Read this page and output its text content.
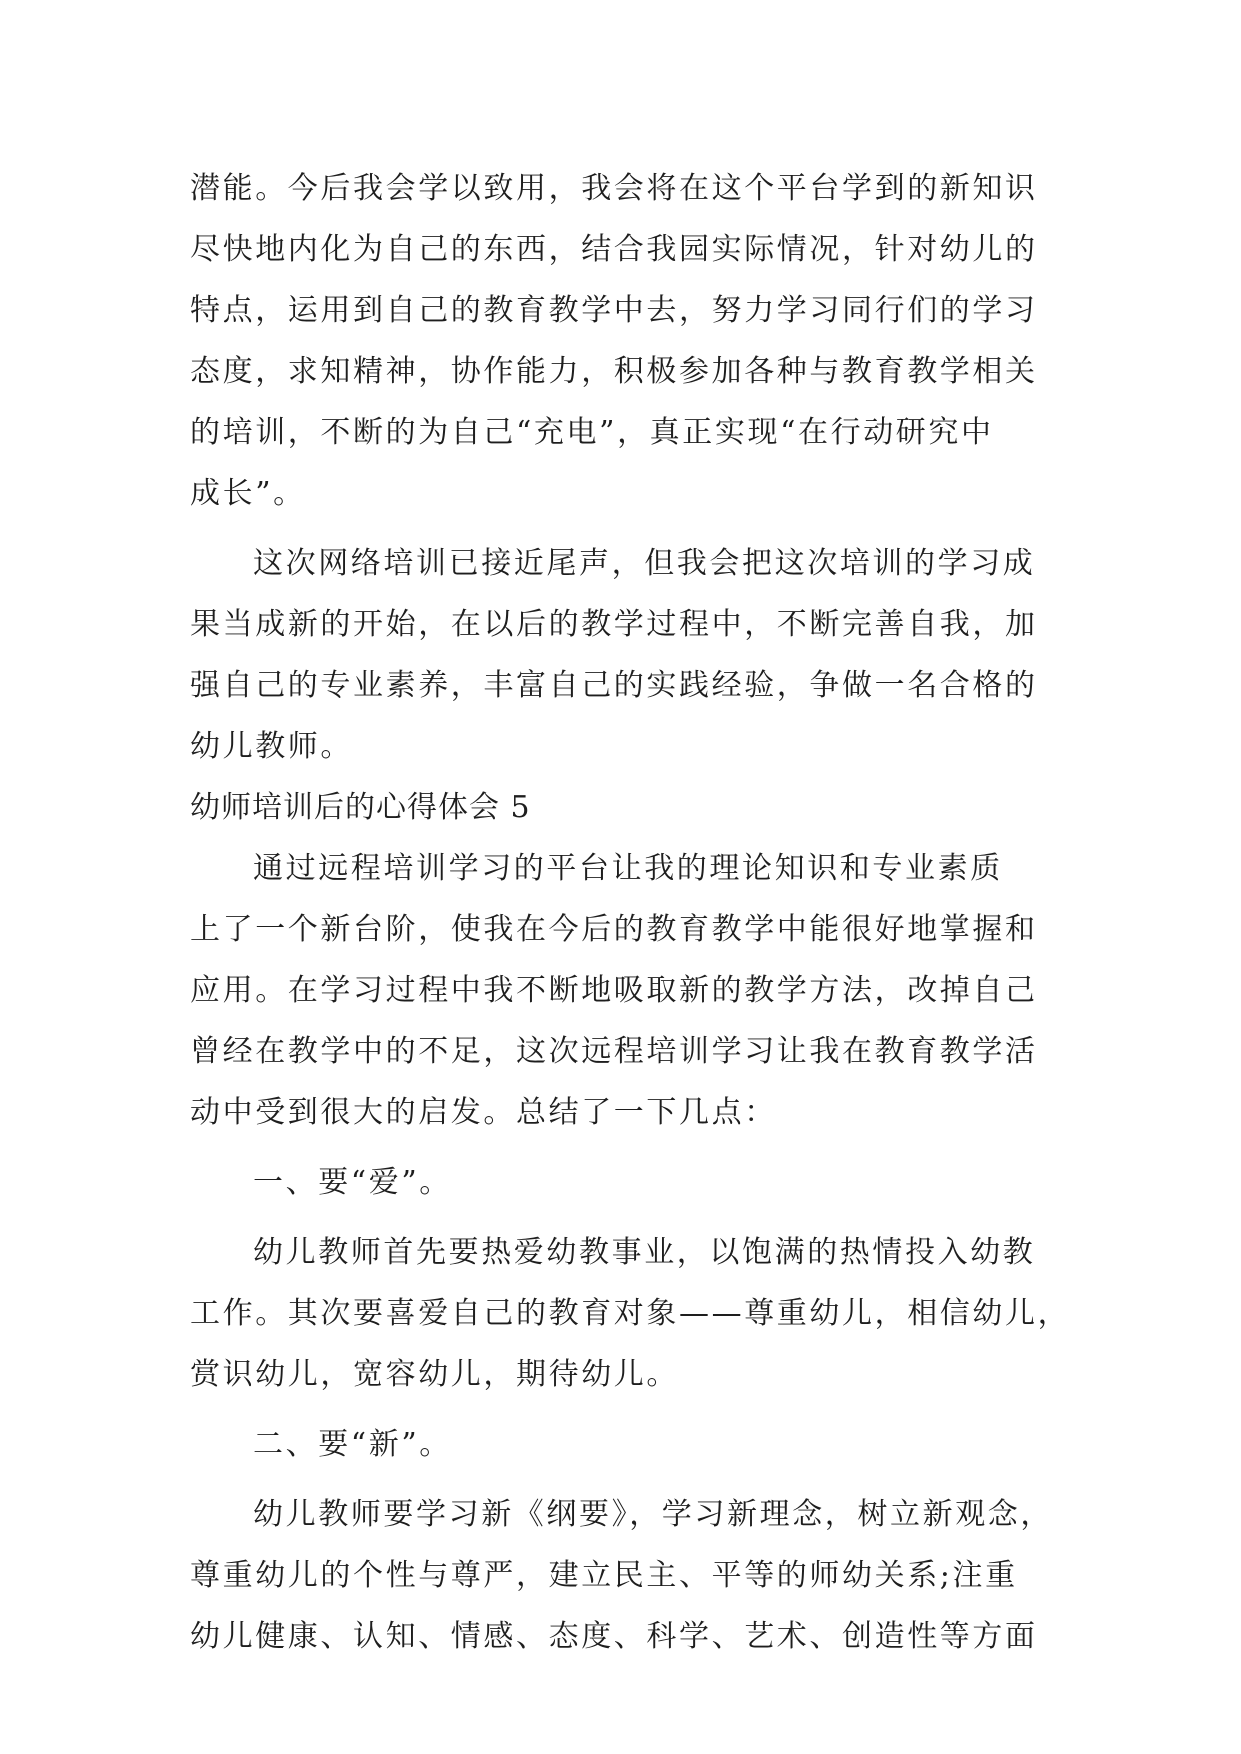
潜能。今后我会学以致用，我会将在这个平台学到的新知识
尽快地内化为自己的东西，结合我园实际情况，针对幼儿的
特点，运用到自己的教育教学中去，努力学习同行们的学习
态度，求知精神，协作能力，积极参加各种与教育教学相关
的培训，不断的为自己“充电”，真正实现“在行动研究中
成长”。
这次网络培训已接近尾声，但我会把这次培训的学习成
果当成新的开始，在以后的教学过程中，不断完善自我，加
强自己的专业素养，丰富自己的实践经验，争做一名合格的
幼儿教师。
幼师培训后的心得体会 5
通过远程培训学习的平台让我的理论知识和专业素质
上了一个新台阶，使我在今后的教育教学中能很好地掌握和
应用。在学习过程中我不断地吸取新的教学方法，改掉自己
曾经在教学中的不足，这次远程培训学习让我在教育教学活
动中受到很大的启发。总结了一下几点：
一、要“爱”。
幼儿教师首先要热爱幼教事业，以饱满的热情投入幼教
工作。其次要喜爱自己的教育对象——尊重幼儿，相信幼儿，
赏识幼儿，宽容幼儿，期待幼儿。
二、要“新”。
幼儿教师要学习新《纲要》，学习新理念，树立新观念，
尊重幼儿的个性与尊严，建立民主、平等的师幼关系;注重
幼儿健康、认知、情感、态度、科学、艺术、创造性等方面
